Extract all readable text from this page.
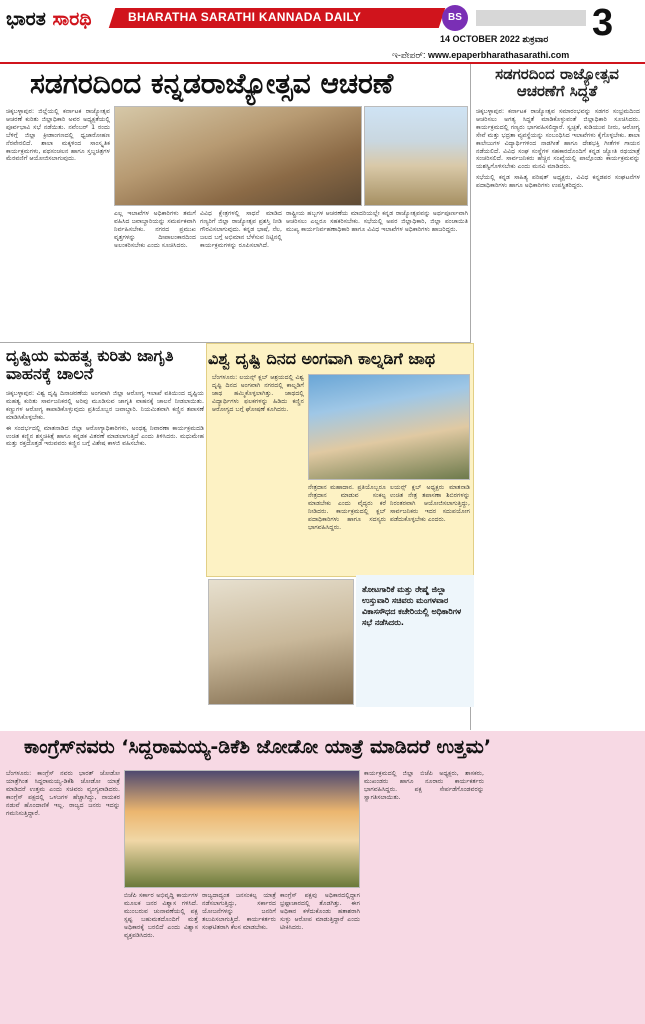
ಭಾರತ ಸಾರಥಿ	BHARATHA SARATHI KANNADA DAILY	BS	3
14 OCTOBER 2022 ಶುಕ್ರವಾರ
ಇ-ಪೇಪರ್: www.epaperbharathasarathi.com
ಸಡಗರದಿಂದ ಕನ್ನಡರಾಜ್ಯೋತ್ಸವ ಆಚರಣೆ

ಚಿಕ್ಕಬಳ್ಳಾಪುರ: ಜಿಲ್ಲೆಯಲ್ಲಿ ಕರ್ನಾಟಕ ರಾಜ್ಯೋತ್ಸವ ಆಚರಣೆ ಕುರಿತು ಜಿಲ್ಲಾಧಿಕಾರಿ ಅವರ ಅಧ್ಯಕ್ಷತೆಯಲ್ಲಿ ಪೂರ್ವಭಾವಿ ಸಭೆ ನಡೆಯಿತು. ನವೆಂಬರ್ 1 ರಂದು ಬೆಳಿಗ್ಗೆ ಜಿಲ್ಲಾ ಕ್ರೀಡಾಂಗಣದಲ್ಲಿ ಧ್ವಜಾರೋಹಣ ನೆರವೇರಲಿದೆ. ಶಾಲಾ ಮಕ್ಕಳಿಂದ ಸಾಂಸ್ಕೃತಿಕ ಕಾರ್ಯಕ್ರಮಗಳು, ಪಥಸಂಚಲನ ಹಾಗೂ ಸ್ತಬ್ಧಚಿತ್ರಗಳ ಮೆರವಣಿಗೆ ಆಯೋಜಿಸಲಾಗುವುದು.

ಎಲ್ಲ ಇಲಾಖೆಗಳ ಅಧಿಕಾರಿಗಳು ತಮಗೆ ವಹಿಸಿದ ಜವಾಬ್ದಾರಿಯನ್ನು ಸಮರ್ಪಕವಾಗಿ ನಿರ್ವಹಿಸಬೇಕು. ನಗರದ ಪ್ರಮುಖ ವೃತ್ತಗಳನ್ನು ದೀಪಾಲಂಕಾರದಿಂದ ಅಲಂಕರಿಸಬೇಕು ಎಂದು ಸೂಚಿಸಿದರು.

ವಿವಿಧ ಕ್ಷೇತ್ರಗಳಲ್ಲಿ ಸಾಧನೆ ಮಾಡಿದ ಗಣ್ಯರಿಗೆ ಜಿಲ್ಲಾ ರಾಜ್ಯೋತ್ಸವ ಪ್ರಶಸ್ತಿ ನೀಡಿ ಗೌರವಿಸಲಾಗುವುದು. ಕನ್ನಡ ಭಾಷೆ, ನೆಲ, ಜಲದ ಬಗ್ಗೆ ಅಭಿಮಾನ ಬೆಳೆಸುವ ನಿಟ್ಟಿನಲ್ಲಿ ಕಾರ್ಯಕ್ರಮಗಳನ್ನು ರೂಪಿಸಲಾಗಿದೆ.

ರಾಷ್ಟ್ರೀಯ ಹಬ್ಬಗಳ ಆಚರಣೆಯ ಮಾದರಿಯಲ್ಲೇ ಕನ್ನಡ ರಾಜ್ಯೋತ್ಸವವನ್ನು ಅರ್ಥಪೂರ್ಣವಾಗಿ ಆಚರಿಸಲು ಎಲ್ಲರೂ ಸಹಕರಿಸಬೇಕು. ಸಭೆಯಲ್ಲಿ ಅಪರ ಜಿಲ್ಲಾಧಿಕಾರಿ, ಜಿಲ್ಲಾ ಪಂಚಾಯಿತಿ ಮುಖ್ಯ ಕಾರ್ಯನಿರ್ವಹಣಾಧಿಕಾರಿ ಹಾಗೂ ವಿವಿಧ ಇಲಾಖೆಗಳ ಅಧಿಕಾರಿಗಳು ಹಾಜರಿದ್ದರು.

ಸಡಗರದಿಂದ ರಾಜ್ಯೋತ್ಸವ ಆಚರಣೆಗೆ ಸಿದ್ಧತೆ

ಚಿಕ್ಕಬಳ್ಳಾಪುರ: ಕರ್ನಾಟಕ ರಾಜ್ಯೋತ್ಸವ ಸಮಾರಂಭವನ್ನು ಸಡಗರ ಸಂಭ್ರಮದಿಂದ ಆಚರಿಸಲು ಅಗತ್ಯ ಸಿದ್ಧತೆ ಮಾಡಿಕೊಳ್ಳುವಂತೆ ಜಿಲ್ಲಾಧಿಕಾರಿ ಸೂಚಿಸಿದರು. ಕಾರ್ಯಕ್ರಮದಲ್ಲಿ ಗಣ್ಯರು ಭಾಗವಹಿಸಲಿದ್ದಾರೆ. ಸ್ವಚ್ಛತೆ, ಕುಡಿಯುವ ನೀರು, ಆರೋಗ್ಯ ಸೇವೆ ಮತ್ತು ಭದ್ರತಾ ವ್ಯವಸ್ಥೆಯನ್ನು ಸಂಬಂಧಿಸಿದ ಇಲಾಖೆಗಳು ಕೈಗೊಳ್ಳಬೇಕು. ಶಾಲಾ ಕಾಲೇಜುಗಳ ವಿದ್ಯಾರ್ಥಿಗಳಿಂದ ನಾಡಗೀತೆ ಹಾಗೂ ದೇಶಭಕ್ತಿ ಗೀತೆಗಳ ಗಾಯನ ನಡೆಯಲಿದೆ. ವಿವಿಧ ಸಂಘ ಸಂಸ್ಥೆಗಳ ಸಹಕಾರದೊಂದಿಗೆ ಕನ್ನಡ ಜ್ಯೋತಿ ರಥಯಾತ್ರೆ ಸಂಚರಿಸಲಿದೆ. ಸಾರ್ವಜನಿಕರು ಹೆಚ್ಚಿನ ಸಂಖ್ಯೆಯಲ್ಲಿ ಪಾಲ್ಗೊಂಡು ಕಾರ್ಯಕ್ರಮವನ್ನು ಯಶಸ್ವಿಗೊಳಿಸಬೇಕು ಎಂದು ಮನವಿ ಮಾಡಿದರು.

ಸಭೆಯಲ್ಲಿ ಕನ್ನಡ ಸಾಹಿತ್ಯ ಪರಿಷತ್ ಅಧ್ಯಕ್ಷರು, ವಿವಿಧ ಕನ್ನಡಪರ ಸಂಘಟನೆಗಳ ಪದಾಧಿಕಾರಿಗಳು ಹಾಗೂ ಅಧಿಕಾರಿಗಳು ಉಪಸ್ಥಿತರಿದ್ದರು.

ದೃಷ್ಟಿಯ ಮಹತ್ವ ಕುರಿತು ಜಾಗೃತಿ ವಾಹನಕ್ಕೆ ಚಾಲನೆ

ಚಿಕ್ಕಬಳ್ಳಾಪುರ: ವಿಶ್ವ ದೃಷ್ಟಿ ದಿನಾಚರಣೆಯ ಅಂಗವಾಗಿ ಜಿಲ್ಲಾ ಆರೋಗ್ಯ ಇಲಾಖೆ ವತಿಯಿಂದ ದೃಷ್ಟಿಯ ಮಹತ್ವ ಕುರಿತು ಸಾರ್ವಜನಿಕರಲ್ಲಿ ಅರಿವು ಮೂಡಿಸುವ ಜಾಗೃತಿ ವಾಹನಕ್ಕೆ ಚಾಲನೆ ನೀಡಲಾಯಿತು. ಕಣ್ಣುಗಳ ಆರೋಗ್ಯ ಕಾಪಾಡಿಕೊಳ್ಳುವುದು ಪ್ರತಿಯೊಬ್ಬರ ಜವಾಬ್ದಾರಿ. ನಿಯಮಿತವಾಗಿ ಕಣ್ಣಿನ ತಪಾಸಣೆ ಮಾಡಿಸಿಕೊಳ್ಳಬೇಕು.

ಈ ಸಂದರ್ಭದಲ್ಲಿ ಮಾತನಾಡಿದ ಜಿಲ್ಲಾ ಆರೋಗ್ಯಾಧಿಕಾರಿಗಳು, ಅಂಧತ್ವ ನಿವಾರಣಾ ಕಾರ್ಯಕ್ರಮದಡಿ ಉಚಿತ ಕಣ್ಣಿನ ಶಸ್ತ್ರಚಿಕಿತ್ಸೆ ಹಾಗೂ ಕನ್ನಡಕ ವಿತರಣೆ ಮಾಡಲಾಗುತ್ತಿದೆ ಎಂದು ತಿಳಿಸಿದರು. ಮಧುಮೇಹ ಮತ್ತು ರಕ್ತದೊತ್ತಡ ಇರುವವರು ಕಣ್ಣಿನ ಬಗ್ಗೆ ವಿಶೇಷ ಕಾಳಜಿ ವಹಿಸಬೇಕು.

ವಿಶ್ವ ದೃಷ್ಟಿ ದಿನದ ಅಂಗವಾಗಿ ಕಾಲ್ನಡಿಗೆ ಜಾಥ

ಬೆಂಗಳೂರು: ಲಯನ್ಸ್ ಕ್ಲಬ್ ಆಶ್ರಯದಲ್ಲಿ ವಿಶ್ವ ದೃಷ್ಟಿ ದಿನದ ಅಂಗವಾಗಿ ನಗರದಲ್ಲಿ ಕಾಲ್ನಡಿಗೆ ಜಾಥ ಹಮ್ಮಿಕೊಳ್ಳಲಾಗಿತ್ತು. ಜಾಥದಲ್ಲಿ ವಿದ್ಯಾರ್ಥಿಗಳು ಫಲಕಗಳನ್ನು ಹಿಡಿದು ಕಣ್ಣಿನ ಆರೋಗ್ಯದ ಬಗ್ಗೆ ಘೋಷಣೆ ಕೂಗಿದರು.

ನೇತ್ರದಾನ ಮಹಾದಾನ. ಪ್ರತಿಯೊಬ್ಬರೂ ನೇತ್ರದಾನ ಮಾಡುವ ಸಂಕಲ್ಪ ಮಾಡಬೇಕು ಎಂದು ವೈದ್ಯರು ಕರೆ ನೀಡಿದರು. ಕಾರ್ಯಕ್ರಮದಲ್ಲಿ ಕ್ಲಬ್ ಪದಾಧಿಕಾರಿಗಳು ಹಾಗೂ ಸದಸ್ಯರು ಭಾಗವಹಿಸಿದ್ದರು.

ಲಯನ್ಸ್ ಕ್ಲಬ್ ಅಧ್ಯಕ್ಷರು ಮಾತನಾಡಿ ಉಚಿತ ನೇತ್ರ ತಪಾಸಣಾ ಶಿಬಿರಗಳನ್ನು ನಿರಂತರವಾಗಿ ಆಯೋಜಿಸಲಾಗುತ್ತಿದ್ದು, ಸಾರ್ವಜನಿಕರು ಇದರ ಸದುಪಯೋಗ ಪಡೆದುಕೊಳ್ಳಬೇಕು ಎಂದರು.

ತೋಟಗಾರಿಕೆ ಮತ್ತು ರೇಷ್ಮೆ ಜಿಲ್ಲಾ ಉಸ್ತುವಾರಿ ಸಚಿವರು ಮಂಗಳವಾರ ವಿಕಾಸಸೌಧದ ಕಚೇರಿಯಲ್ಲಿ ಅಧಿಕಾರಿಗಳ ಸಭೆ ನಡೆಸಿದರು.
ಕಾಂಗ್ರೆಸ್‌ನವರು ‘ಸಿದ್ದರಾಮಯ್ಯ-ಡಿಕೆಶಿ ಜೋಡೋ ಯಾತ್ರೆ ಮಾಡಿದರೆ ಉತ್ತಮ’

ಬೆಂಗಳೂರು: ಕಾಂಗ್ರೆಸ್ ನವರು ಭಾರತ್ ಜೋಡೋ ಯಾತ್ರೆಗಿಂತ ಸಿದ್ದರಾಮಯ್ಯ-ಡಿಕೆಶಿ ಜೋಡೋ ಯಾತ್ರೆ ಮಾಡಿದರೆ ಉತ್ತಮ ಎಂದು ಸಚಿವರು ವ್ಯಂಗ್ಯವಾಡಿದರು. ಕಾಂಗ್ರೆಸ್ ಪಕ್ಷದಲ್ಲಿ ಒಳಜಗಳ ಹೆಚ್ಚಾಗಿದ್ದು, ನಾಯಕರ ನಡುವೆ ಹೊಂದಾಣಿಕೆ ಇಲ್ಲ. ರಾಜ್ಯದ ಜನರು ಇದನ್ನು ಗಮನಿಸುತ್ತಿದ್ದಾರೆ.

ಬಿಜೆಪಿ ಸರ್ಕಾರ ಅಭಿವೃದ್ಧಿ ಕಾರ್ಯಗಳ ಮೂಲಕ ಜನರ ವಿಶ್ವಾಸ ಗಳಿಸಿದೆ. ಮುಂಬರುವ ಚುನಾವಣೆಯಲ್ಲಿ ಪಕ್ಷ ಸ್ಪಷ್ಟ ಬಹುಮತದೊಂದಿಗೆ ಮತ್ತೆ ಅಧಿಕಾರಕ್ಕೆ ಬರಲಿದೆ ಎಂದು ವಿಶ್ವಾಸ ವ್ಯಕ್ತಪಡಿಸಿದರು.

ರಾಜ್ಯದಾದ್ಯಂತ ಜನಸಂಕಲ್ಪ ಯಾತ್ರೆ ನಡೆಸಲಾಗುತ್ತಿದ್ದು, ಸರ್ಕಾರದ ಯೋಜನೆಗಳನ್ನು ಜನರಿಗೆ ತಲುಪಿಸಲಾಗುತ್ತಿದೆ. ಕಾರ್ಯಕರ್ತರು ಸಂಘಟಿತರಾಗಿ ಕೆಲಸ ಮಾಡಬೇಕು.

ಕಾಂಗ್ರೆಸ್ ಪಕ್ಷವು ಅಧಿಕಾರದಲ್ಲಿದ್ದಾಗ ಭ್ರಷ್ಟಾಚಾರದಲ್ಲಿ ತೊಡಗಿತ್ತು. ಈಗ ಅಧಿಕಾರ ಕಳೆದುಕೊಂಡು ಹತಾಶರಾಗಿ ಸುಳ್ಳು ಆರೋಪ ಮಾಡುತ್ತಿದ್ದಾರೆ ಎಂದು ಟೀಕಿಸಿದರು.

ಕಾರ್ಯಕ್ರಮದಲ್ಲಿ ಜಿಲ್ಲಾ ಬಿಜೆಪಿ ಅಧ್ಯಕ್ಷರು, ಶಾಸಕರು, ಮುಖಂಡರು ಹಾಗೂ ನೂರಾರು ಕಾರ್ಯಕರ್ತರು ಭಾಗವಹಿಸಿದ್ದರು. ಪಕ್ಷ ಸೇರ್ಪಡೆಗೊಂಡವರನ್ನು ಸ್ವಾಗತಿಸಲಾಯಿತು.
